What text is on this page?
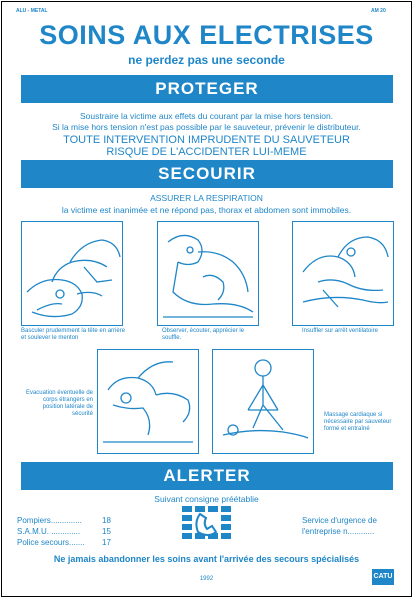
ALU - METAL	AM 20
SOINS AUX ELECTRISES
ne perdez pas une seconde
PROTEGER
Soustraire la victime aux effets du courant par la mise hors tension.
Si la mise hors tension n'est pas possible par le sauveteur, prévenir le distributeur.
TOUTE INTERVENTION IMPRUDENTE DU SAUVETEUR
RISQUE DE L'ACCIDENTER LUI-MEME
SECOURIR
ASSURER LA RESPIRATION
la victime est inanimée et ne répond pas, thorax et abdomen sont immobiles.
Basculer prudemment la tête en arrière et soulever le menton
Observer, écouter, apprécier le souffle.
Insuffler sur arrêt ventilatoire
Evacuation éventuelle de corps étrangers en position latérale de sécurité	Massage cardiaque si nécessaire par sauveteur formé et entraîné
ALERTER
Suivant consigne préétablie
Pompiers..............	18
S.A.M.U. .............	15
Police secours....... 17
Service d'urgence de
l'entreprise n............
Ne jamais abandonner les soins avant l'arrivée des secours spécialisés
1992	CATU
